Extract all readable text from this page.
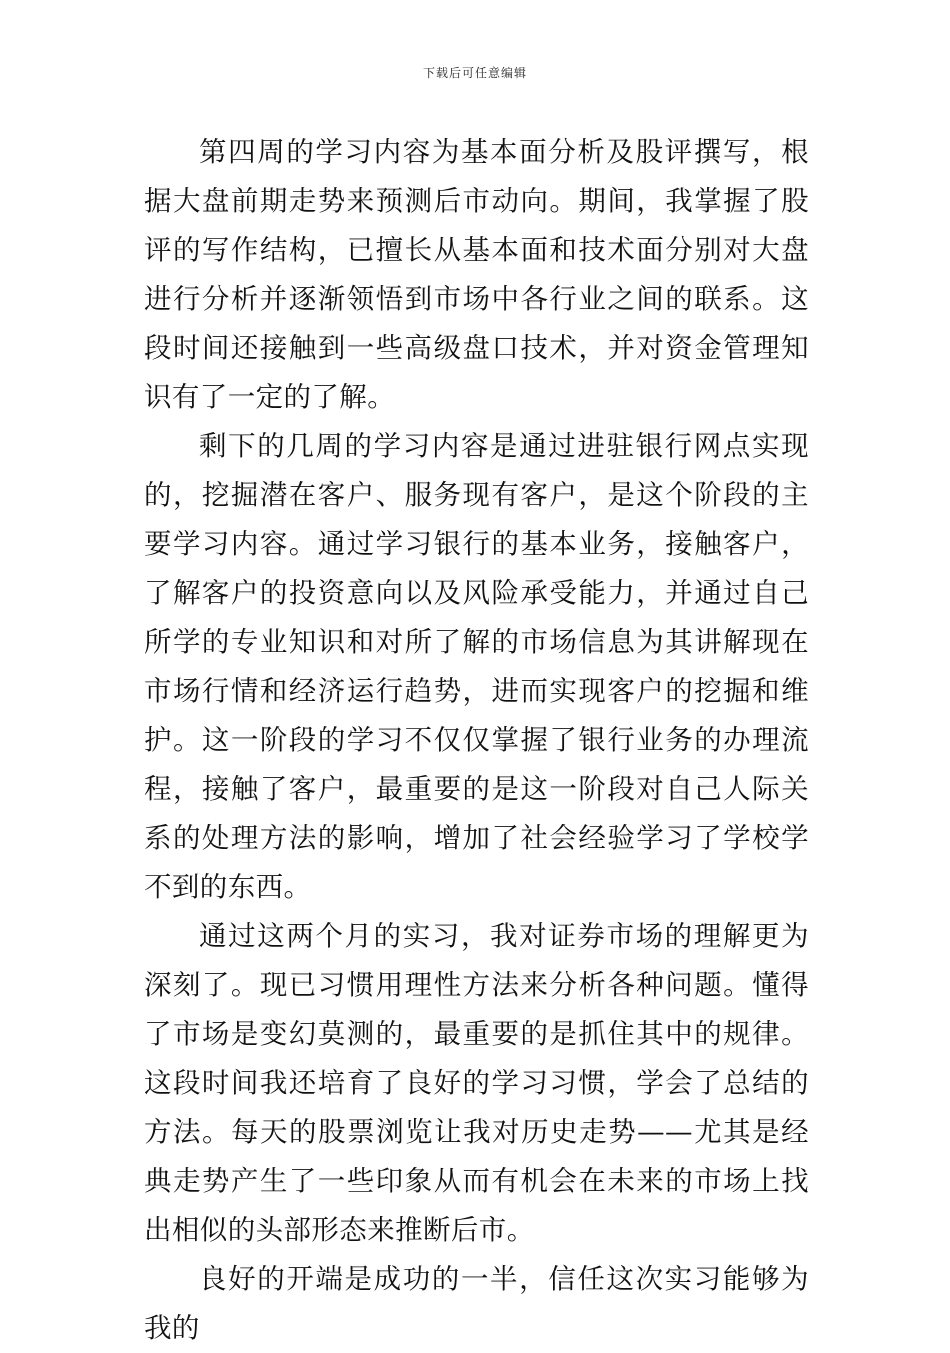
下载后可任意编辑

第四周的学习内容为基本面分析及股评撰写，根据大盘前期走势来预测后市动向。期间，我掌握了股评的写作结构，已擅长从基本面和技术面分别对大盘进行分析并逐渐领悟到市场中各行业之间的联系。这段时间还接触到一些高级盘口技术，并对资金管理知识有了一定的了解。

剩下的几周的学习内容是通过进驻银行网点实现的，挖掘潜在客户、服务现有客户，是这个阶段的主要学习内容。通过学习银行的基本业务，接触客户，了解客户的投资意向以及风险承受能力，并通过自己所学的专业知识和对所了解的市场信息为其讲解现在市场行情和经济运行趋势，进而实现客户的挖掘和维护。这一阶段的学习不仅仅掌握了银行业务的办理流程，接触了客户，最重要的是这一阶段对自己人际关系的处理方法的影响，增加了社会经验学习了学校学不到的东西。

通过这两个月的实习，我对证券市场的理解更为深刻了。现已习惯用理性方法来分析各种问题。懂得了市场是变幻莫测的，最重要的是抓住其中的规律。这段时间我还培育了良好的学习习惯，学会了总结的方法。每天的股票浏览让我对历史走势——尤其是经典走势产生了一些印象从而有机会在未来的市场上找出相似的头部形态来推断后市。

良好的开端是成功的一半，信任这次实习能够为我的
